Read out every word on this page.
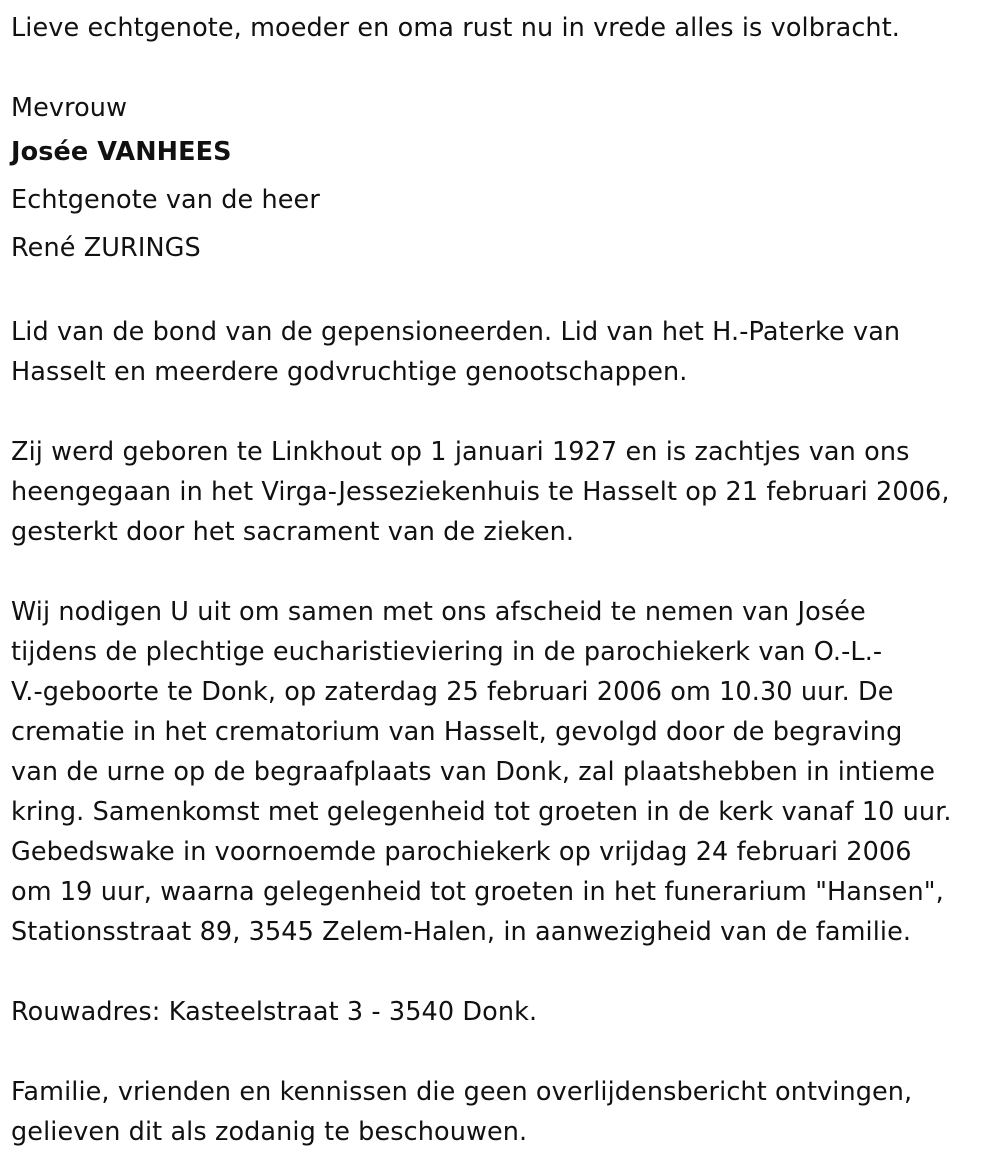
Lieve echtgenote, moeder en oma rust nu in vrede alles is volbracht.
Mevrouw
Josée VANHEES
Echtgenote van de heer
René ZURINGS
Lid van de bond van de gepensioneerden. Lid van het H.-Paterke van
Hasselt en meerdere godvruchtige genootschappen.
Zij werd geboren te Linkhout op 1 januari 1927 en is zachtjes van ons
heengegaan in het Virga-Jesseziekenhuis te Hasselt op 21 februari 2006,
gesterkt door het sacrament van de zieken.
Wij nodigen U uit om samen met ons afscheid te nemen van Josée
tijdens de plechtige eucharistieviering in de parochiekerk van O.-L.-
V.-geboorte te Donk, op zaterdag 25 februari 2006 om 10.30 uur. De
crematie in het crematorium van Hasselt, gevolgd door de begraving
van de urne op de begraafplaats van Donk, zal plaatshebben in intieme
kring. Samenkomst met gelegenheid tot groeten in de kerk vanaf 10 uur.
Gebedswake in voornoemde parochiekerk op vrijdag 24 februari 2006
om 19 uur, waarna gelegenheid tot groeten in het funerarium "Hansen",
Stationsstraat 89, 3545 Zelem-Halen, in aanwezigheid van de familie.
Rouwadres: Kasteelstraat 3 - 3540 Donk.
Familie, vrienden en kennissen die geen overlijdensbericht ontvingen,
gelieven dit als zodanig te beschouwen.
